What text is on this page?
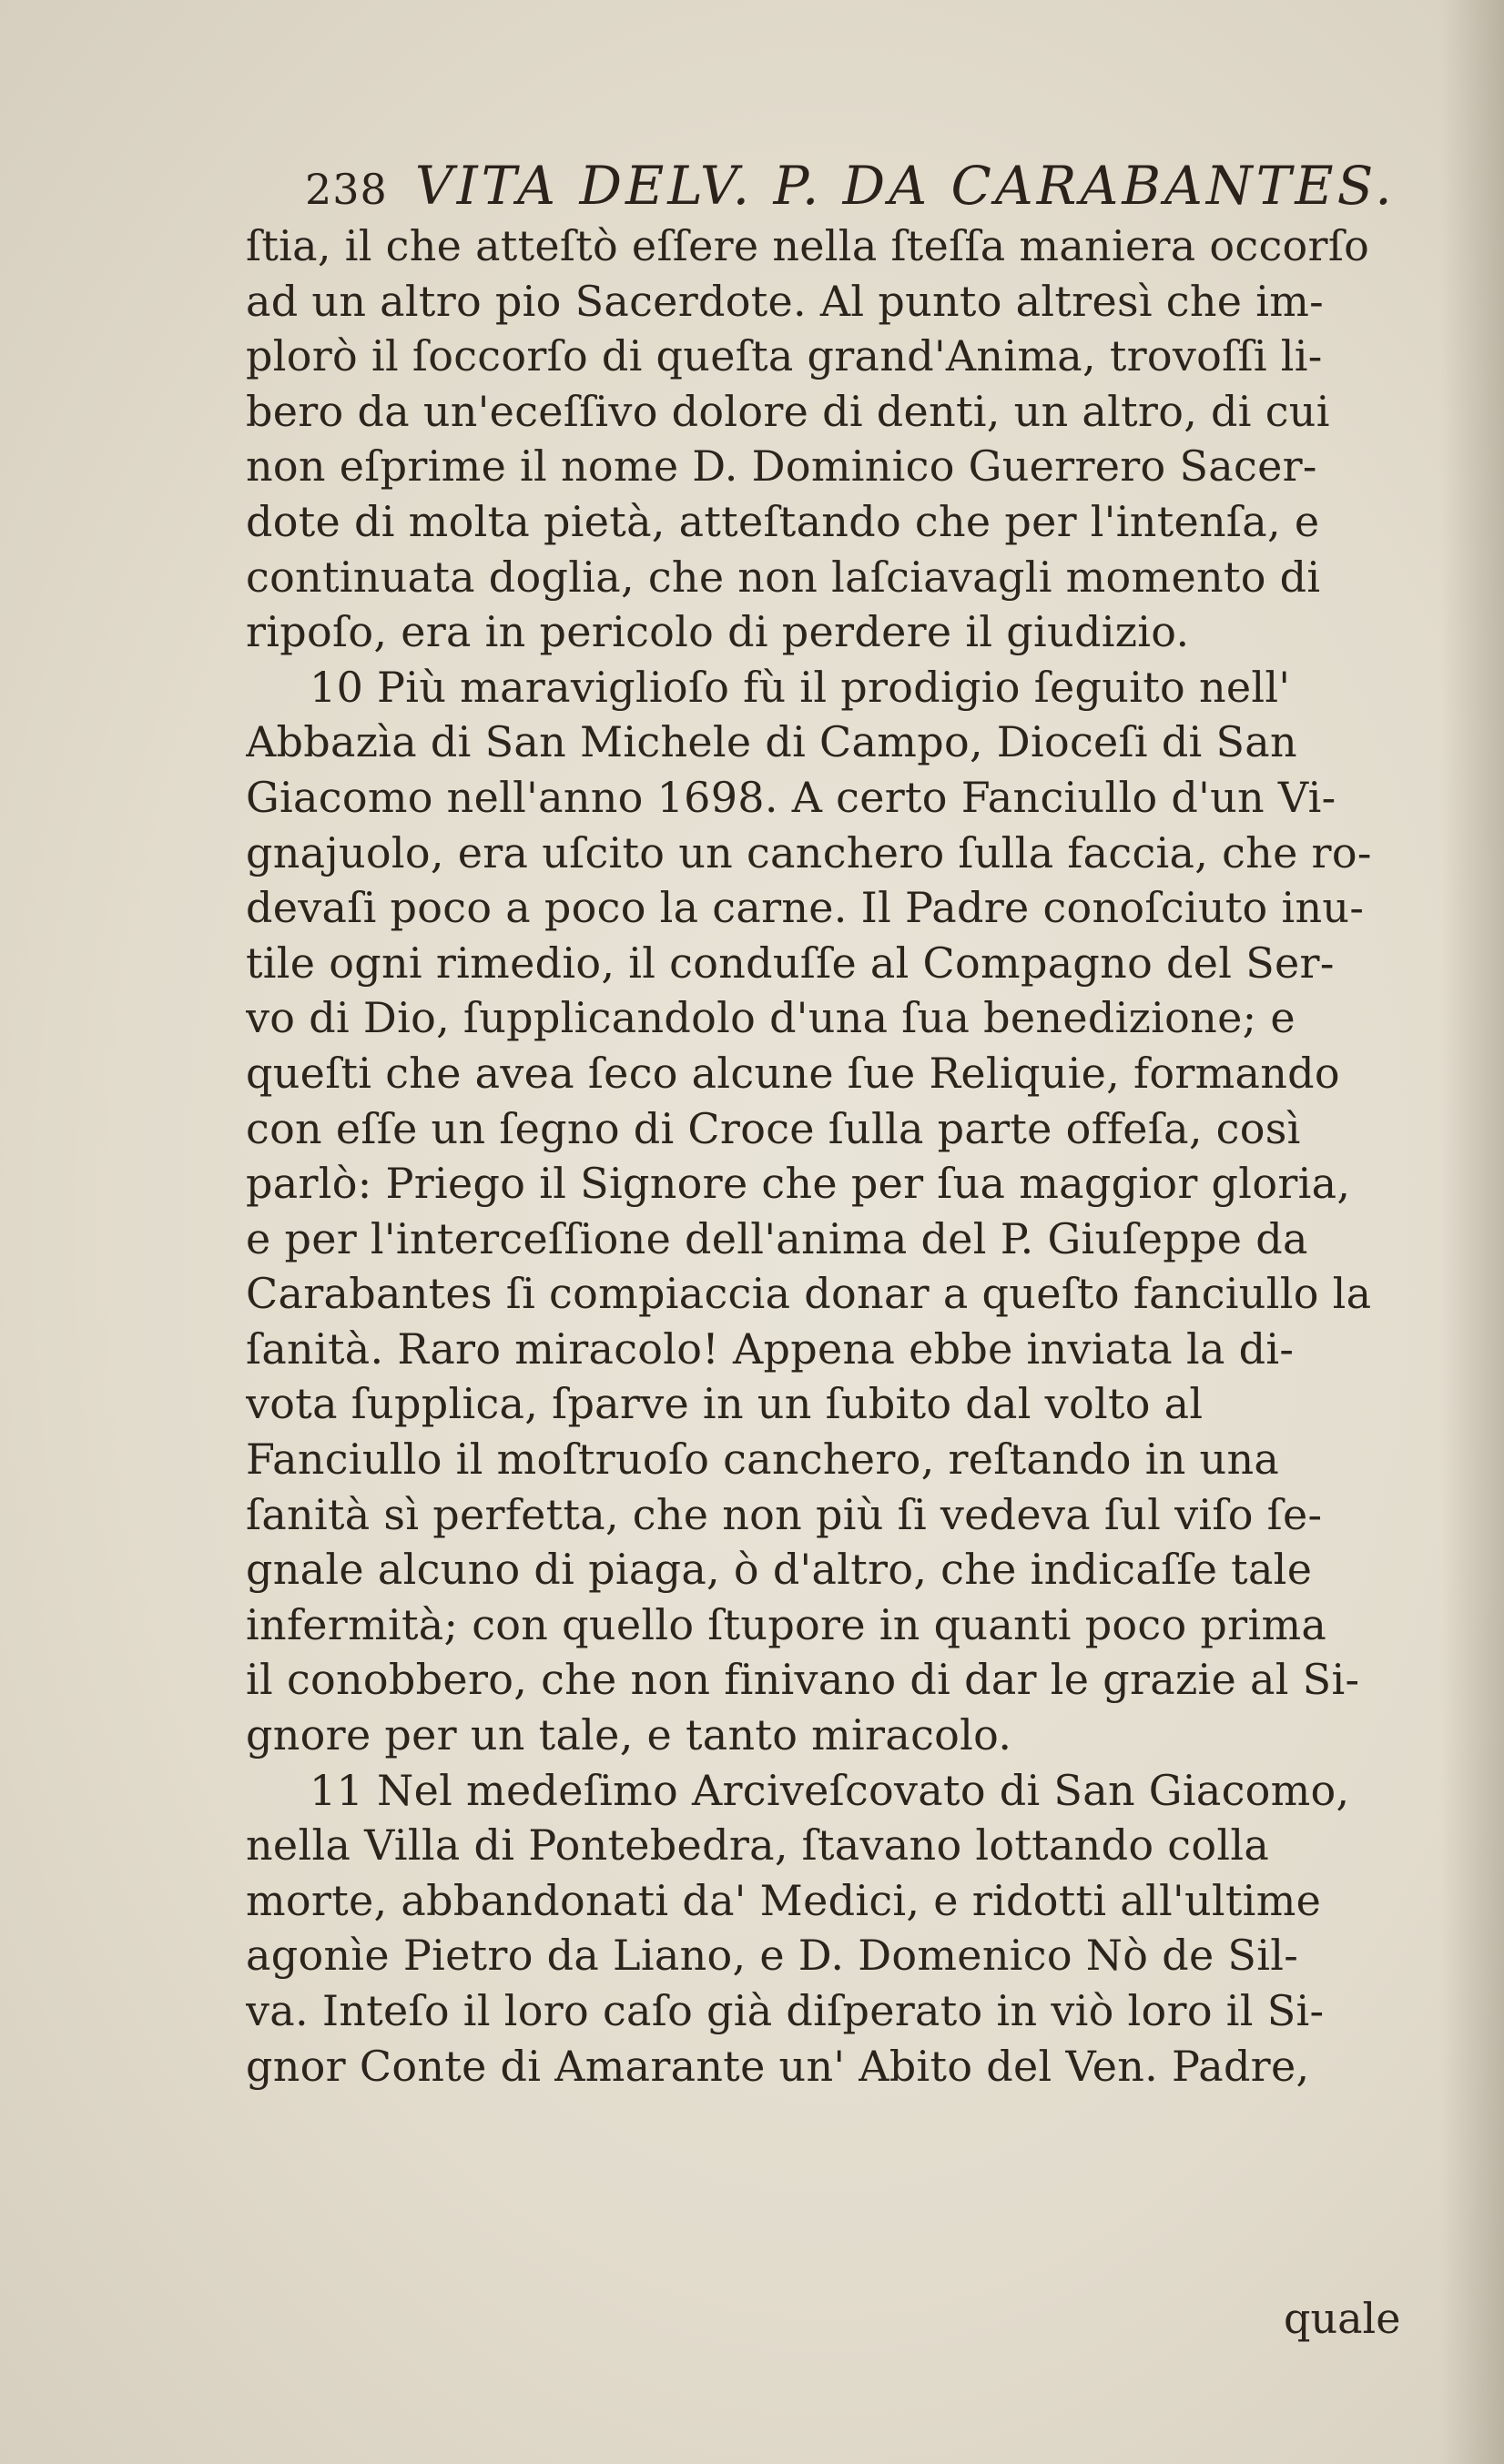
238 VITA DELV. P. DA CARABANTES.
ſtia, il che atteſtò eſſere nella ſteſſa maniera occorſo
ad un altro pio Sacerdote. Al punto altresì che im-
plorò il ſoccorſo di queſta grand'Anima, trovoſſi li-
bero da un'eceſſivo dolore di denti, un altro, di cui
non eſprime il nome D. Dominico Guerrero Sacer-
dote di molta pietà, atteſtando che per l'intenſa, e
continuata doglia, che non laſciavagli momento di
ripoſo, era in pericolo di perdere il giudizio.
10 Più maraviglioſo fù il prodigio ſeguito nell'
Abbazìa di San Michele di Campo, Dioceſi di San
Giacomo nell'anno 1698. A certo Fanciullo d'un Vi-
gnajuolo, era uſcito un canchero ſulla faccia, che ro-
devaſi poco a poco la carne. Il Padre conoſciuto inu-
tile ogni rimedio, il conduſſe al Compagno del Ser-
vo di Dio, ſupplicandolo d'una ſua benedizione; e
queſti che avea ſeco alcune ſue Reliquie, formando
con eſſe un ſegno di Croce ſulla parte offeſa, così
parlò: Priego il Signore che per ſua maggior gloria,
e per l'interceſſione dell'anima del P. Giuſeppe da
Carabantes ſi compiaccia donar a queſto fanciullo la
ſanità. Raro miracolo! Appena ebbe inviata la di-
vota ſupplica, ſparve in un ſubito dal volto al
Fanciullo il moſtruoſo canchero, reſtando in una
ſanità sì perfetta, che non più ſi vedeva ſul viſo ſe-
gnale alcuno di piaga, ò d'altro, che indicaſſe tale
infermità; con quello ſtupore in quanti poco prima
il conobbero, che non finivano di dar le grazie al Si-
gnore per un tale, e tanto miracolo.
11 Nel medeſimo Arciveſcovato di San Giacomo,
nella Villa di Pontebedra, ſtavano lottando colla
morte, abbandonati da' Medici, e ridotti all'ultime
agonìe Pietro da Liano, e D. Domenico Nò de Sil-
va. Inteſo il loro caſo già diſperato in viò loro il Si-
gnor Conte di Amarante un' Abito del Ven. Padre,
quale
